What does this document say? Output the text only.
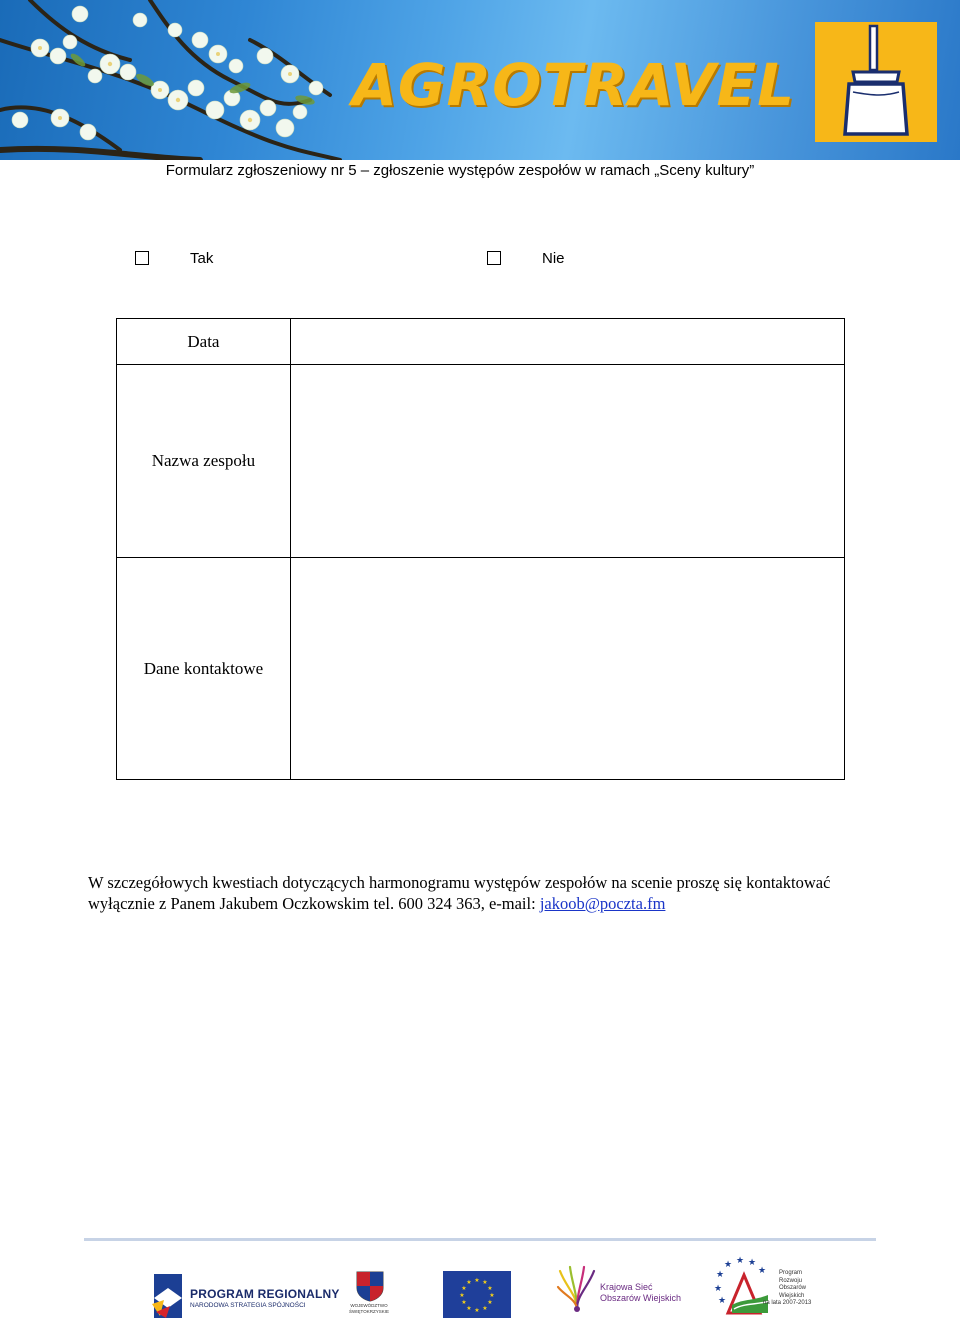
AGROTRAVEL
Formularz zgłoszeniowy nr 5 – zgłoszenie występów zespołów w ramach „Sceny kultury”
Tak	Nie
Data	
Nazwa zespołu	
Dane kontaktowe	

W szczegółowych kwestiach dotyczących harmonogramu występów zespołów na scenie proszę się kontaktować wyłącznie z Panem Jakubem Oczkowskim tel. 600 324 363, e-mail: jakoob@poczta.fm

PROGRAM REGIONALNY
NARODOWA STRATEGIA SPÓJNOŚCI	WOJEWÓDZTWO ŚWIĘTOKRZYSKIE
★ ★
★
★
★
★
★
★
★
★
★
★	Krajowa Sieć
Obszarów Wiejskich
★
★ ★ ★
★
★
★
Program
Rozwoju
Obszarów
Wiejskich
na lata 2007-2013
